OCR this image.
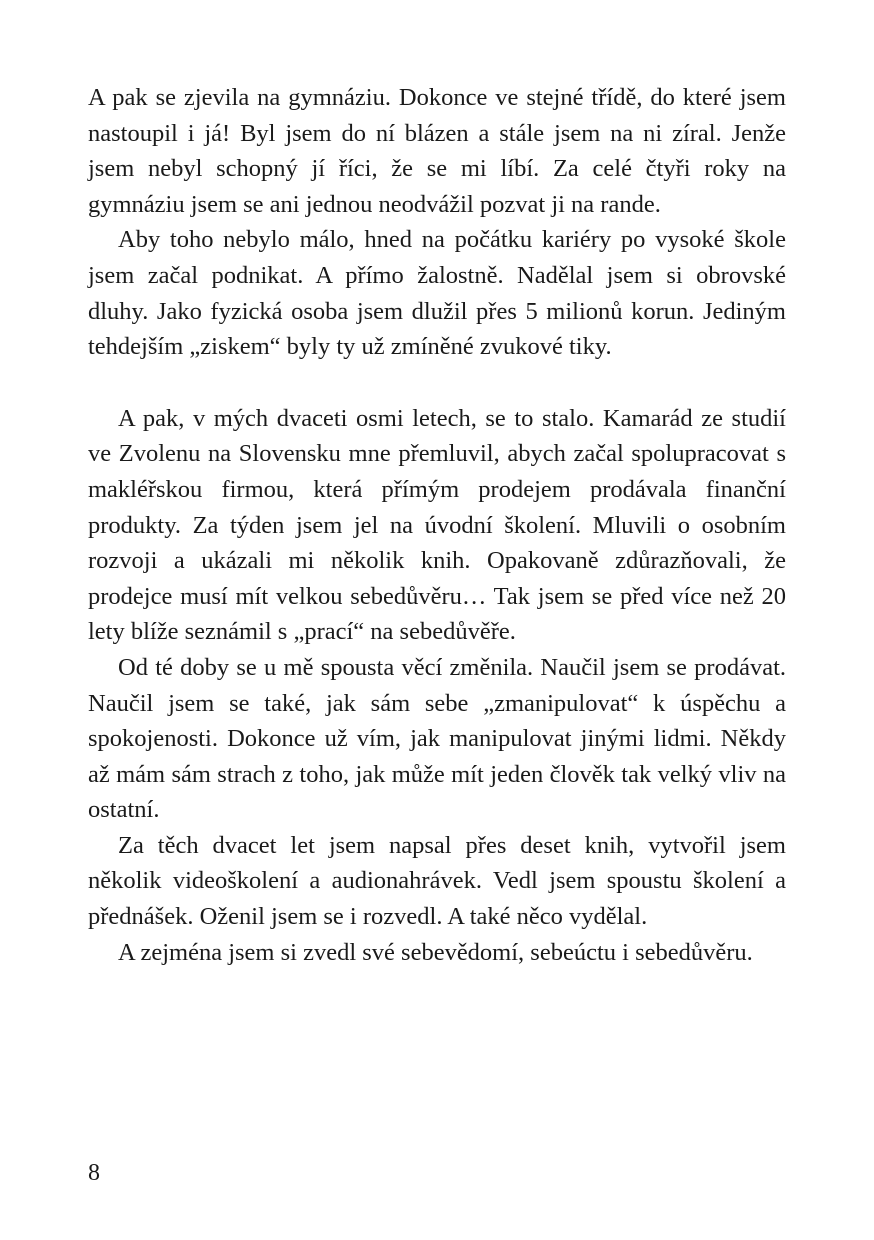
A pak se zjevila na gymnáziu. Dokonce ve stejné třídě, do které jsem nastoupil i já! Byl jsem do ní blázen a stále jsem na ni zíral. Jenže jsem nebyl schopný jí říci, že se mi líbí. Za celé čtyři roky na gymnáziu jsem se ani jednou neodvážil pozvat ji na rande.

Aby toho nebylo málo, hned na počátku kariéry po vysoké škole jsem začal podnikat. A přímo žalostně. Nadělal jsem si obrovské dluhy. Jako fyzická osoba jsem dlužil přes 5 milionů korun. Jediným tehdejším „ziskem“ byly ty už zmíněné zvukové tiky.

A pak, v mých dvaceti osmi letech, se to stalo. Kamarád ze studií ve Zvolenu na Slovensku mne přemluvil, abych začal spolupracovat s makléřskou firmou, která přímým prodejem prodávala finanční produkty. Za týden jsem jel na úvodní školení. Mluvili o osobním rozvoji a ukázali mi několik knih. Opakovaně zdůrazňovali, že prodejce musí mít velkou sebedůvěru… Tak jsem se před více než 20 lety blíže seznámil s „prací“ na sebedůvěře.

Od té doby se u mě spousta věcí změnila. Naučil jsem se prodávat. Naučil jsem se také, jak sám sebe „zmanipulovat“ k úspěchu a spokojenosti. Dokonce už vím, jak manipulovat jinými lidmi. Někdy až mám sám strach z toho, jak může mít jeden člověk tak velký vliv na ostatní.

Za těch dvacet let jsem napsal přes deset knih, vytvořil jsem několik videoškolení a audionahrávek. Vedl jsem spoustu školení a přednášek. Oženil jsem se i rozvedl. A také něco vydělal.

A zejména jsem si zvedl své sebevědomí, sebeúctu i sebedůvěru.

8
